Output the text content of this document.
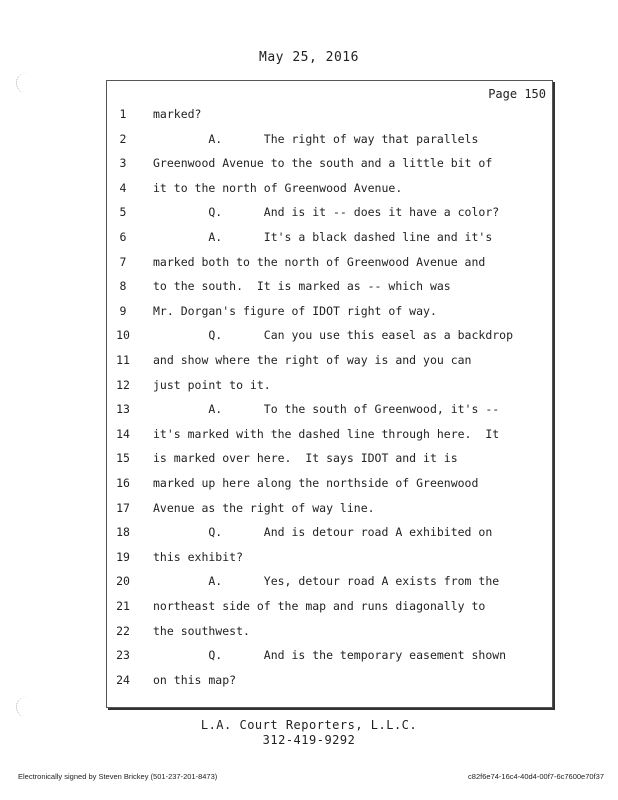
May 25, 2016
Page 150
1	marked?
2	A.      The right of way that parallels
3	Greenwood Avenue to the south and a little bit of
4	it to the north of Greenwood Avenue.
5	Q.      And is it -- does it have a color?
6	A.      It's a black dashed line and it's
7	marked both to the north of Greenwood Avenue and
8	to the south.  It is marked as -- which was
9	Mr. Dorgan's figure of IDOT right of way.
10	Q.      Can you use this easel as a backdrop
11	and show where the right of way is and you can
12	just point to it.
13	A.      To the south of Greenwood, it's --
14	it's marked with the dashed line through here.  It
15	is marked over here.  It says IDOT and it is
16	marked up here along the northside of Greenwood
17	Avenue as the right of way line.
18	Q.      And is detour road A exhibited on
19	this exhibit?
20	A.      Yes, detour road A exists from the
21	northeast side of the map and runs diagonally to
22	the southwest.
23	Q.      And is the temporary easement shown
24	on this map?
L.A. Court Reporters, L.L.C.
312-419-9292
Electronically signed by Steven Brickey (501-237-201-8473)	c82f6e74-16c4-40d4-00f7-6c7600e70f37
